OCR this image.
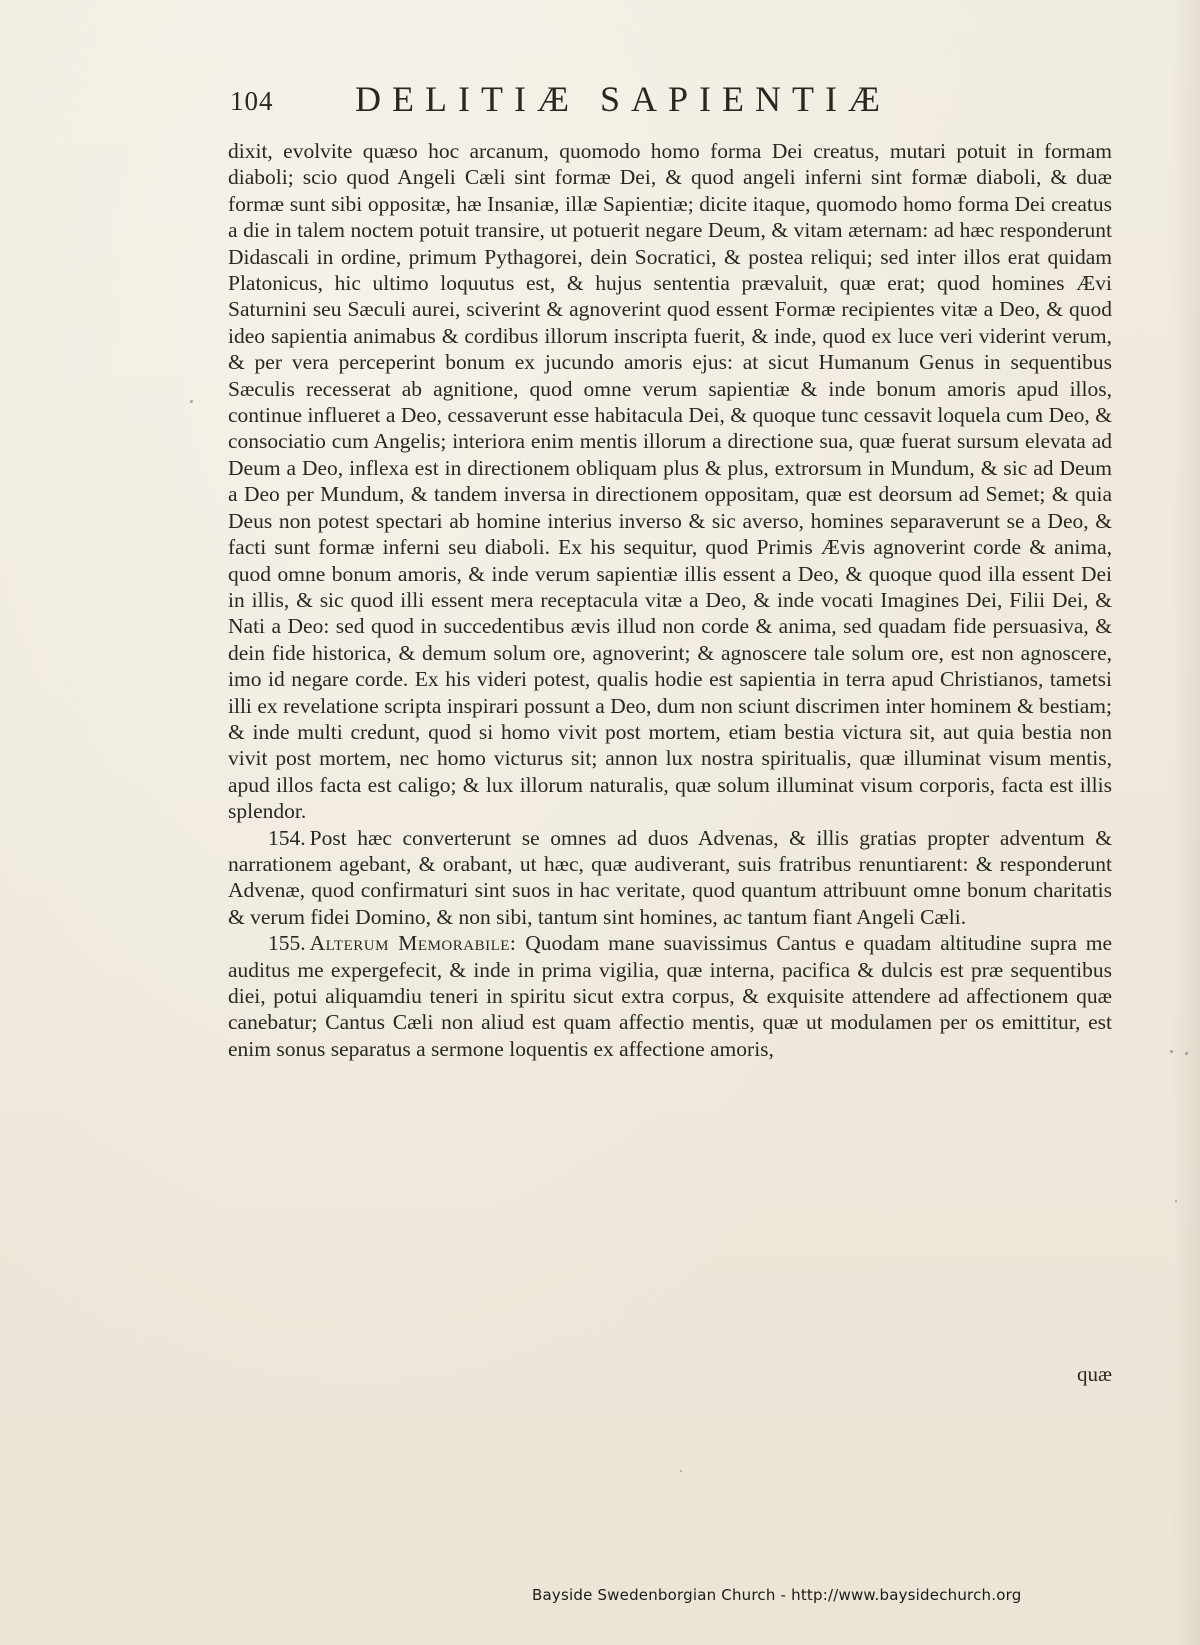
104 DELITIÆ SAPIENTIÆ

dixit, evolvite quæso hoc arcanum, quomodo homo forma Dei creatus, mutari potuit in formam diaboli; scio quod Angeli Cæli sint formæ Dei, & quod angeli inferni sint formæ diaboli, & duæ formæ sunt sibi oppositæ, hæ Insaniæ, illæ Sapientiæ; dicite itaque, quomodo homo forma Dei creatus a die in talem noctem potuit transire, ut potuerit negare Deum, & vitam æternam: ad hæc responderunt Didascali in ordine, primum Pythagorei, dein Socratici, & postea reliqui; sed inter illos erat quidam Platonicus, hic ultimo loquutus est, & hujus sententia prævaluit, quæ erat; quod homines Ævi Saturnini seu Sæculi aurei, sciverint & agnoverint quod essent Formæ recipientes vitæ a Deo, & quod ideo sapientia animabus & cordibus illorum inscripta fuerit, & inde, quod ex luce veri viderint verum, & per vera perceperint bonum ex jucundo amoris ejus: at sicut Humanum Genus in sequentibus Sæculis recesserat ab agnitione, quod omne verum sapientiæ & inde bonum amoris apud illos, continue influeret a Deo, cessaverunt esse habitacula Dei, & quoque tunc cessavit loquela cum Deo, & consociatio cum Angelis; interiora enim mentis illorum a directione sua, quæ fuerat sursum elevata ad Deum a Deo, inflexa est in directionem obliquam plus & plus, extrorsum in Mundum, & sic ad Deum a Deo per Mundum, & tandem inversa in directionem oppositam, quæ est deorsum ad Semet; & quia Deus non potest spectari ab homine interius inverso & sic averso, homines separaverunt se a Deo, & facti sunt formæ inferni seu diaboli. Ex his sequitur, quod Primis Ævis agnoverint corde & anima, quod omne bonum amoris, & inde verum sapientiæ illis essent a Deo, & quoque quod illa essent Dei in illis, & sic quod illi essent mera receptacula vitæ a Deo, & inde vocati Imagines Dei, Filii Dei, & Nati a Deo: sed quod in succedentibus ævis illud non corde & anima, sed quadam fide persuasiva, & dein fide historica, & demum solum ore, agnoverint; & agnoscere tale solum ore, est non agnoscere, imo id negare corde. Ex his videri potest, qualis hodie est sapientia in terra apud Christianos, tametsi illi ex revelatione scripta inspirari possunt a Deo, dum non sciunt discrimen inter hominem & bestiam; & inde multi credunt, quod si homo vivit post mortem, etiam bestia victura sit, aut quia bestia non vivit post mortem, nec homo victurus sit; annon lux nostra spiritualis, quæ illuminat visum mentis, apud illos facta est caligo; & lux illorum naturalis, quæ solum illuminat visum corporis, facta est illis splendor.

154. Post hæc converterunt se omnes ad duos Advenas, & illis gratias propter adventum & narrationem agebant, & orabant, ut hæc, quæ audiverant, suis fratribus renuntiarent: & responderunt Advenæ, quod confirmaturi sint suos in hac veritate, quod quantum attribuunt omne bonum charitatis & verum fidei Domino, & non sibi, tantum sint homines, ac tantum fiant Angeli Cæli.

155. Alterum Memorabile: Quodam mane suavissimus Cantus e quadam altitudine supra me auditus me expergefecit, & inde in prima vigilia, quæ interna, pacifica & dulcis est præ sequentibus diei, potui aliquamdiu teneri in spiritu sicut extra corpus, & exquisite attendere ad affectionem quæ canebatur; Cantus Cæli non aliud est quam affectio mentis, quæ ut modulamen per os emittitur, est enim sonus separatus a sermone loquentis ex affectione amoris,

quæ
Bayside Swedenborgian Church - http://www.baysidechurch.org
